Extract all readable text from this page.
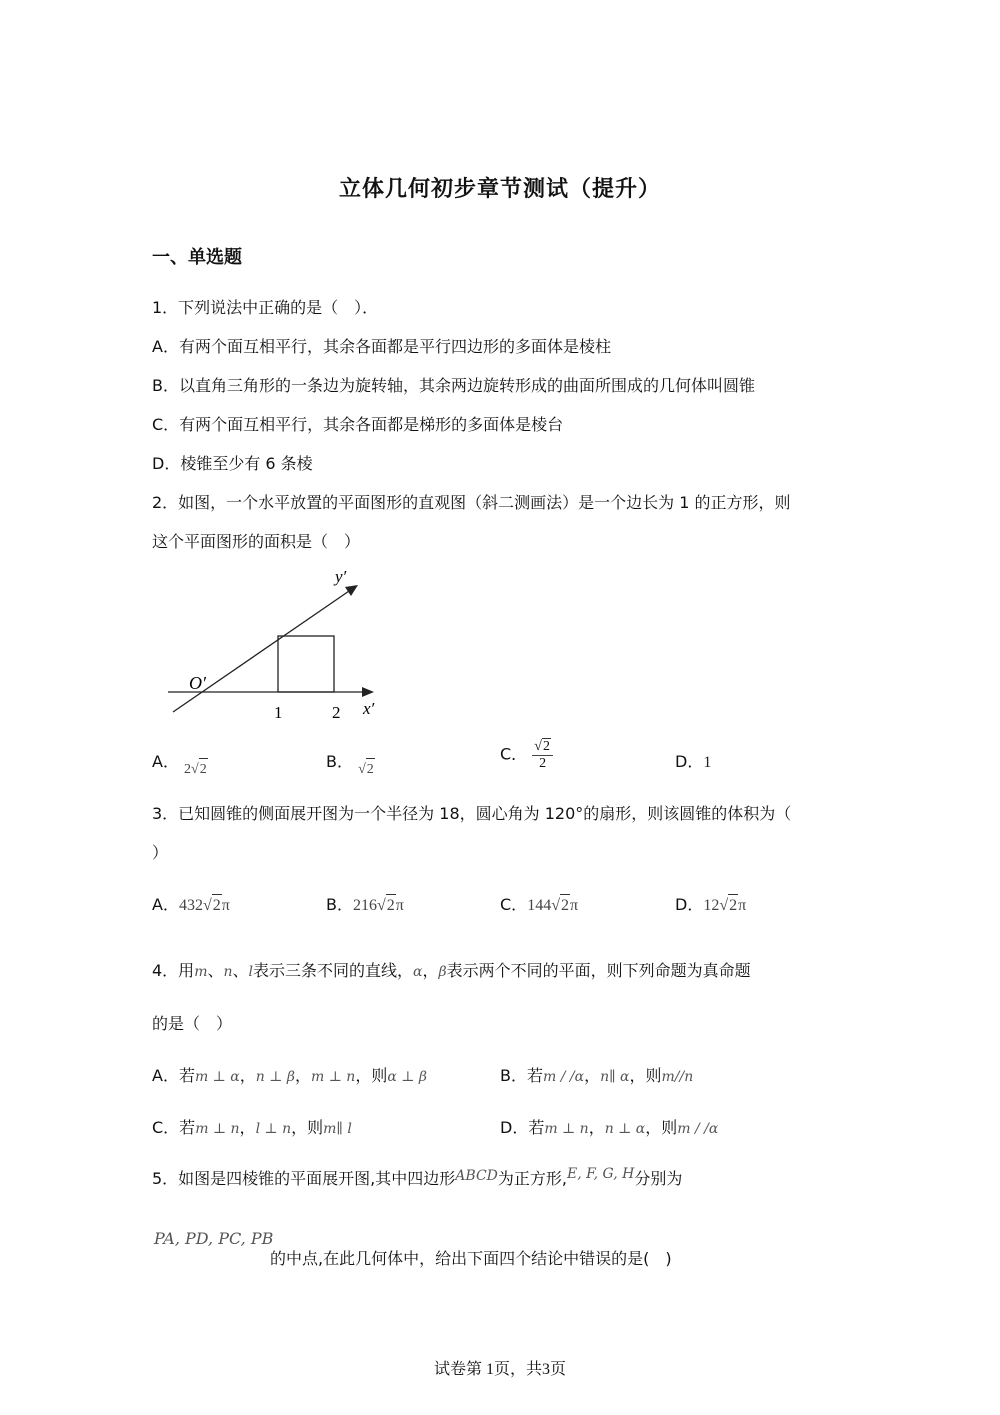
立体几何初步章节测试（提升）
一、单选题
1．下列说法中正确的是（　）．
A．有两个面互相平行，其余各面都是平行四边形的多面体是棱柱
B．以直角三角形的一条边为旋转轴，其余两边旋转形成的曲面所围成的几何体叫圆锥
C．有两个面互相平行，其余各面都是梯形的多面体是棱台
D．棱锥至少有 6 条棱
2．如图，一个水平放置的平面图形的直观图（斜二测画法）是一个边长为 1 的正方形，则
这个平面图形的面积是（　）
O′
x′
y′
1	2
A． 2√2	B． √2
C． $\frac{√2}{2}$	D．1
3．已知圆锥的侧面展开图为一个半径为 18，圆心角为 120°的扇形，则该圆锥的体积为（
）
A．432√2π	B．216√2π	C．144√2π	D．12√2π
4．用m、n、l表示三条不同的直线，α，β表示两个不同的平面，则下列命题为真命题
的是（　）
A．若m ⊥ α，n ⊥ β，m ⊥ n，则α ⊥ β	B．若m / /α，n∥ α，则m//n
C．若m ⊥ n，l ⊥ n，则m∥ l	D．若m ⊥ n，n ⊥ α，则m / /α
5．如图是四棱锥的平面展开图,其中四边形ABCD为正方形,E, F, G, H分别为
PA, PD, PC, PB
的中点,在此几何体中，给出下面四个结论中错误的是(　)
试卷第 1页，共3页
